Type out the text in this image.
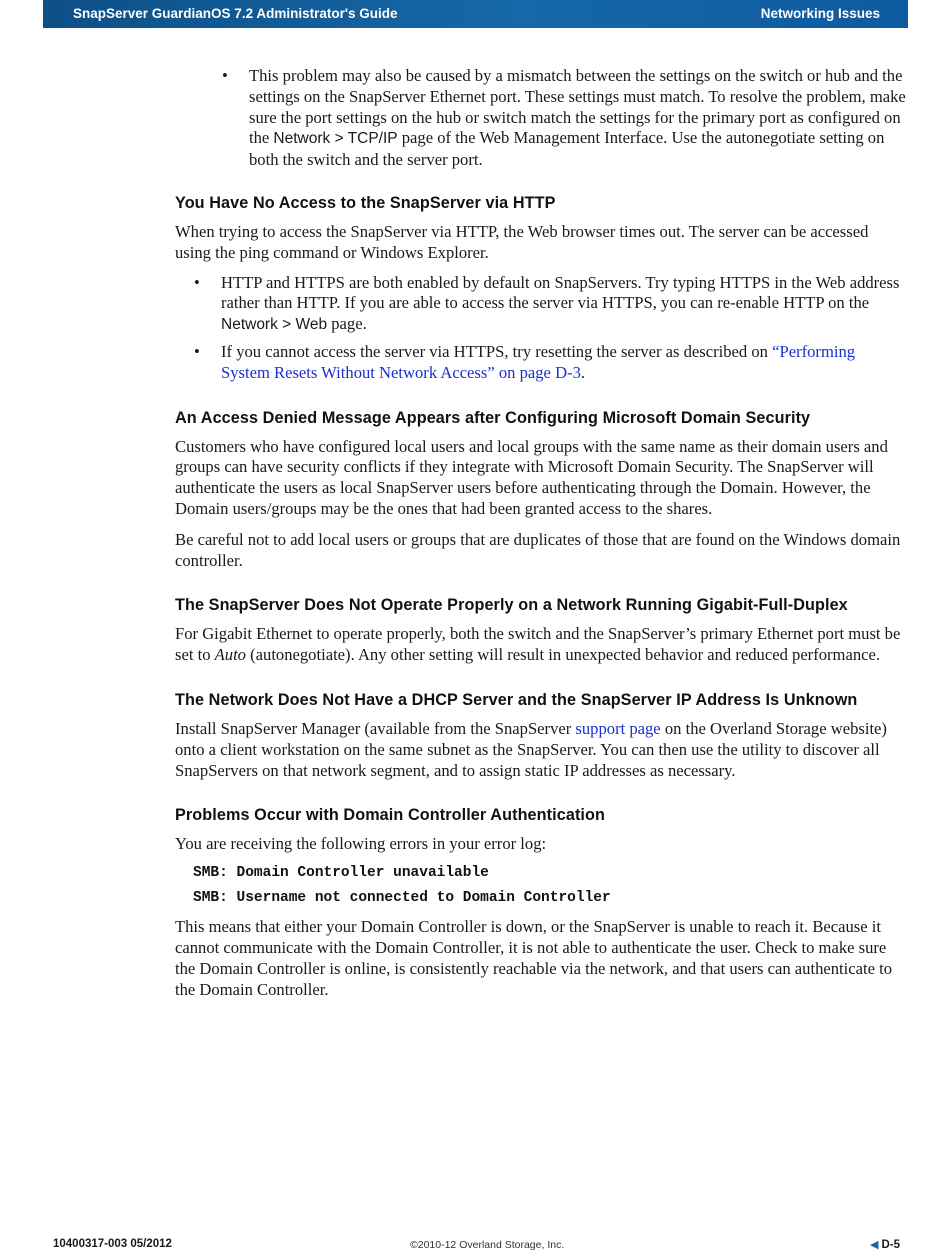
SnapServer GuardianOS 7.2 Administrator's Guide	Networking Issues
• This problem may also be caused by a mismatch between the settings on the switch or hub and the settings on the SnapServer Ethernet port. These settings must match. To resolve the problem, make sure the port settings on the hub or switch match the settings for the primary port as configured on the Network > TCP/IP page of the Web Management Interface. Use the autonegotiate setting on both the switch and the server port.
You Have No Access to the SnapServer via HTTP

When trying to access the SnapServer via HTTP, the Web browser times out. The server can be accessed using the ping command or Windows Explorer.

• HTTP and HTTPS are both enabled by default on SnapServers. Try typing HTTPS in the Web address rather than HTTP. If you are able to access the server via HTTPS, you can re-enable HTTP on the Network > Web page.
• If you cannot access the server via HTTPS, try resetting the server as described on “Performing System Resets Without Network Access” on page D-3.
An Access Denied Message Appears after Configuring Microsoft Domain Security

Customers who have configured local users and local groups with the same name as their domain users and groups can have security conflicts if they integrate with Microsoft Domain Security. The SnapServer will authenticate the users as local SnapServer users before authenticating through the Domain. However, the Domain users/groups may be the ones that had been granted access to the shares.

Be careful not to add local users or groups that are duplicates of those that are found on the Windows domain controller.

The SnapServer Does Not Operate Properly on a Network Running Gigabit-Full-Duplex

For Gigabit Ethernet to operate properly, both the switch and the SnapServer’s primary Ethernet port must be set to Auto (autonegotiate). Any other setting will result in unexpected behavior and reduced performance.

The Network Does Not Have a DHCP Server and the SnapServer IP Address Is Unknown

Install SnapServer Manager (available from the SnapServer support page on the Overland Storage website) onto a client workstation on the same subnet as the SnapServer. You can then use the utility to discover all SnapServers on that network segment, and to assign static IP addresses as necessary.

Problems Occur with Domain Controller Authentication

You are receiving the following errors in your error log:

SMB: Domain Controller unavailable
SMB: Username not connected to Domain Controller

This means that either your Domain Controller is down, or the SnapServer is unable to reach it. Because it cannot communicate with the Domain Controller, it is not able to authenticate the user. Check to make sure the Domain Controller is online, is consistently reachable via the network, and that users can authenticate to the Domain Controller.

10400317-003 05/2012	©2010-12 Overland Storage, Inc.	◀ D-5
